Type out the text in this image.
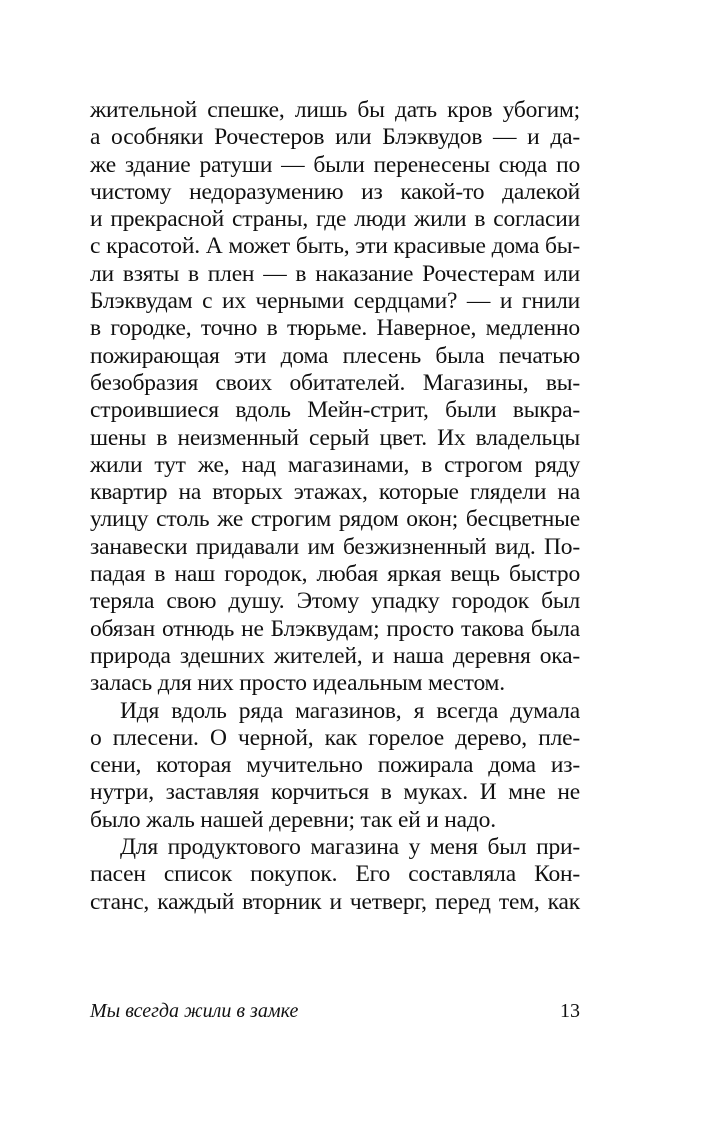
жительной спешке, лишь бы дать кров убогим;
а особняки Рочестеров или Блэквудов — и да-
же здание ратуши — были перенесены сюда по
чистому недоразумению из какой-то далекой
и прекрасной страны, где люди жили в согласии
с красотой. А может быть, эти красивые дома бы-
ли взяты в плен — в наказание Рочестерам или
Блэквудам с их черными сердцами? — и гнили
в городке, точно в тюрьме. Наверное, медленно
пожирающая эти дома плесень была печатью
безобразия своих обитателей. Магазины, вы-
строившиеся вдоль Мейн-стрит, были выкра-
шены в неизменный серый цвет. Их владельцы
жили тут же, над магазинами, в строгом ряду
квартир на вторых этажах, которые глядели на
улицу столь же строгим рядом окон; бесцветные
занавески придавали им безжизненный вид. По-
падая в наш городок, любая яркая вещь быстро
теряла свою душу. Этому упадку городок был
обязан отнюдь не Блэквудам; просто такова была
природа здешних жителей, и наша деревня ока-
залась для них просто идеальным местом.
Идя вдоль ряда магазинов, я всегда думала
о плесени. О черной, как горелое дерево, пле-
сени, которая мучительно пожирала дома из-
нутри, заставляя корчиться в муках. И мне не
было жаль нашей деревни; так ей и надо.
Для продуктового магазина у меня был при-
пасен список покупок. Его составляла Кон-
станс, каждый вторник и четверг, перед тем, как
Мы всегда жили в замке	13
